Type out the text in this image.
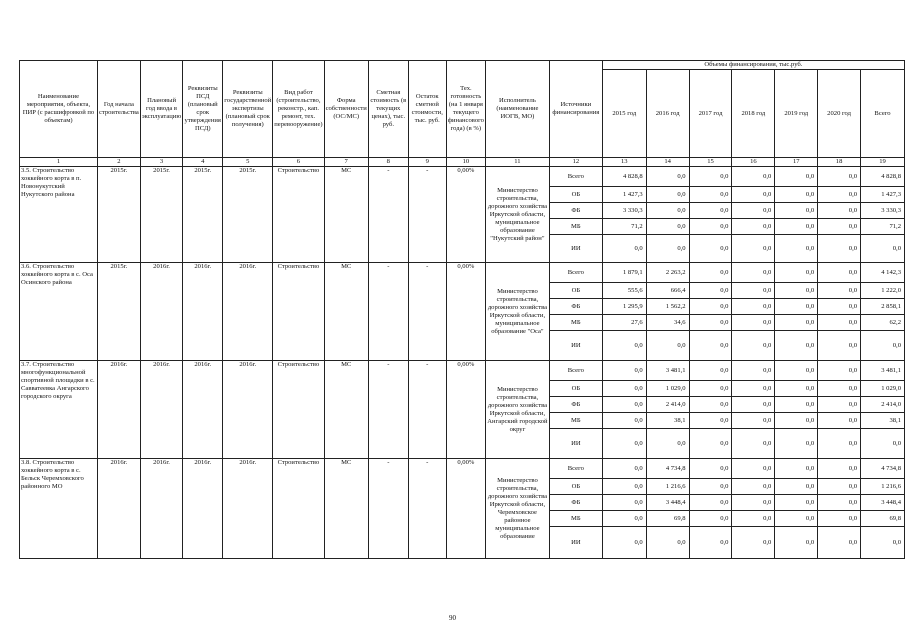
Наименование мероприятия, объекта, ПИР (с расшифровкой по объектам)	Год начала строительства	Плановый год ввода в эксплуатацию	Реквизиты ПСД (плановый срок утверждения ПСД)	Реквизиты государственной экспертизы (плановый срок получения)	Вид работ (строительство, реконстр., кап. ремонт, тех. перевооружение)	Форма собственности (ОС/МС)	Сметная стоимость (в текущих ценах), тыс. руб.	Остаток сметной стоимости, тыс. руб.	Тех. готовность (на 1 января текущего финансового года) (в %)	Исполнитель (наименование ИОГВ, МО)	Источники финансирования	Объемы финансирования, тыс.руб.						
												2015 год	2016 год	2017 год	2018 год	2019 год	2020 год	Всего
1	2	3	4	5	6	7	8	9	10	11	12	13	14	15	16	17	18	19
3.5. Строительство хоккейного корта в п. Новонукутский Нукутского района	2015г.	2015г.	2015г.	2015г.	Строительство	МС	-	-	0,00%	Министерство строительства, дорожного хозяйства Иркутской области, муниципальное образование "Нукутский район"	Всего	4 828,8	0,0	0,0	0,0	0,0	0,0	4 828,8
											ОБ	1 427,3	0,0	0,0	0,0	0,0	0,0	1 427,3
											ФБ	3 330,3	0,0	0,0	0,0	0,0	0,0	3 330,3
											МБ	71,2	0,0	0,0	0,0	0,0	0,0	71,2
											ИИ	0,0	0,0	0,0	0,0	0,0	0,0	0,0
3.6. Строительство хоккейного корта в с. Оса Осинского района	2015г.	2016г.	2016г.	2016г.	Строительство	МС	-	-	0,00%	Министерство строительства, дорожного хозяйства Иркутской области, муниципальное образование "Оса"	Всего	1 879,1	2 263,2	0,0	0,0	0,0	0,0	4 142,3
											ОБ	555,6	666,4	0,0	0,0	0,0	0,0	1 222,0
											ФБ	1 295,9	1 562,2	0,0	0,0	0,0	0,0	2 858,1
											МБ	27,6	34,6	0,0	0,0	0,0	0,0	62,2
											ИИ	0,0	0,0	0,0	0,0	0,0	0,0	0,0
3.7. Строительство многофункциональной спортивной площадки в с. Савватеевка Ангарского городского округа	2016г.	2016г.	2016г.	2016г.	Строительство	МС	-	-	0,00%	Министерство строительства, дорожного хозяйства Иркутской области, Ангарский городской округ	Всего	0,0	3 481,1	0,0	0,0	0,0	0,0	3 481,1
											ОБ	0,0	1 029,0	0,0	0,0	0,0	0,0	1 029,0
											ФБ	0,0	2 414,0	0,0	0,0	0,0	0,0	2 414,0
											МБ	0,0	38,1	0,0	0,0	0,0	0,0	38,1
											ИИ	0,0	0,0	0,0	0,0	0,0	0,0	0,0
3.8. Строительство хоккейного корта в с. Бельск Черемховского районного МО	2016г.	2016г.	2016г.	2016г.	Строительство	МС	-	-	0,00%	Министерство строительства, дорожного хозяйства Иркутской области, Черемховское районное муниципальное образование	Всего	0,0	4 734,8	0,0	0,0	0,0	0,0	4 734,8
											ОБ	0,0	1 216,6	0,0	0,0	0,0	0,0	1 216,6
											ФБ	0,0	3 448,4	0,0	0,0	0,0	0,0	3 448,4
											МБ	0,0	69,8	0,0	0,0	0,0	0,0	69,8
											ИИ	0,0	0,0	0,0	0,0	0,0	0,0	0,0
90
